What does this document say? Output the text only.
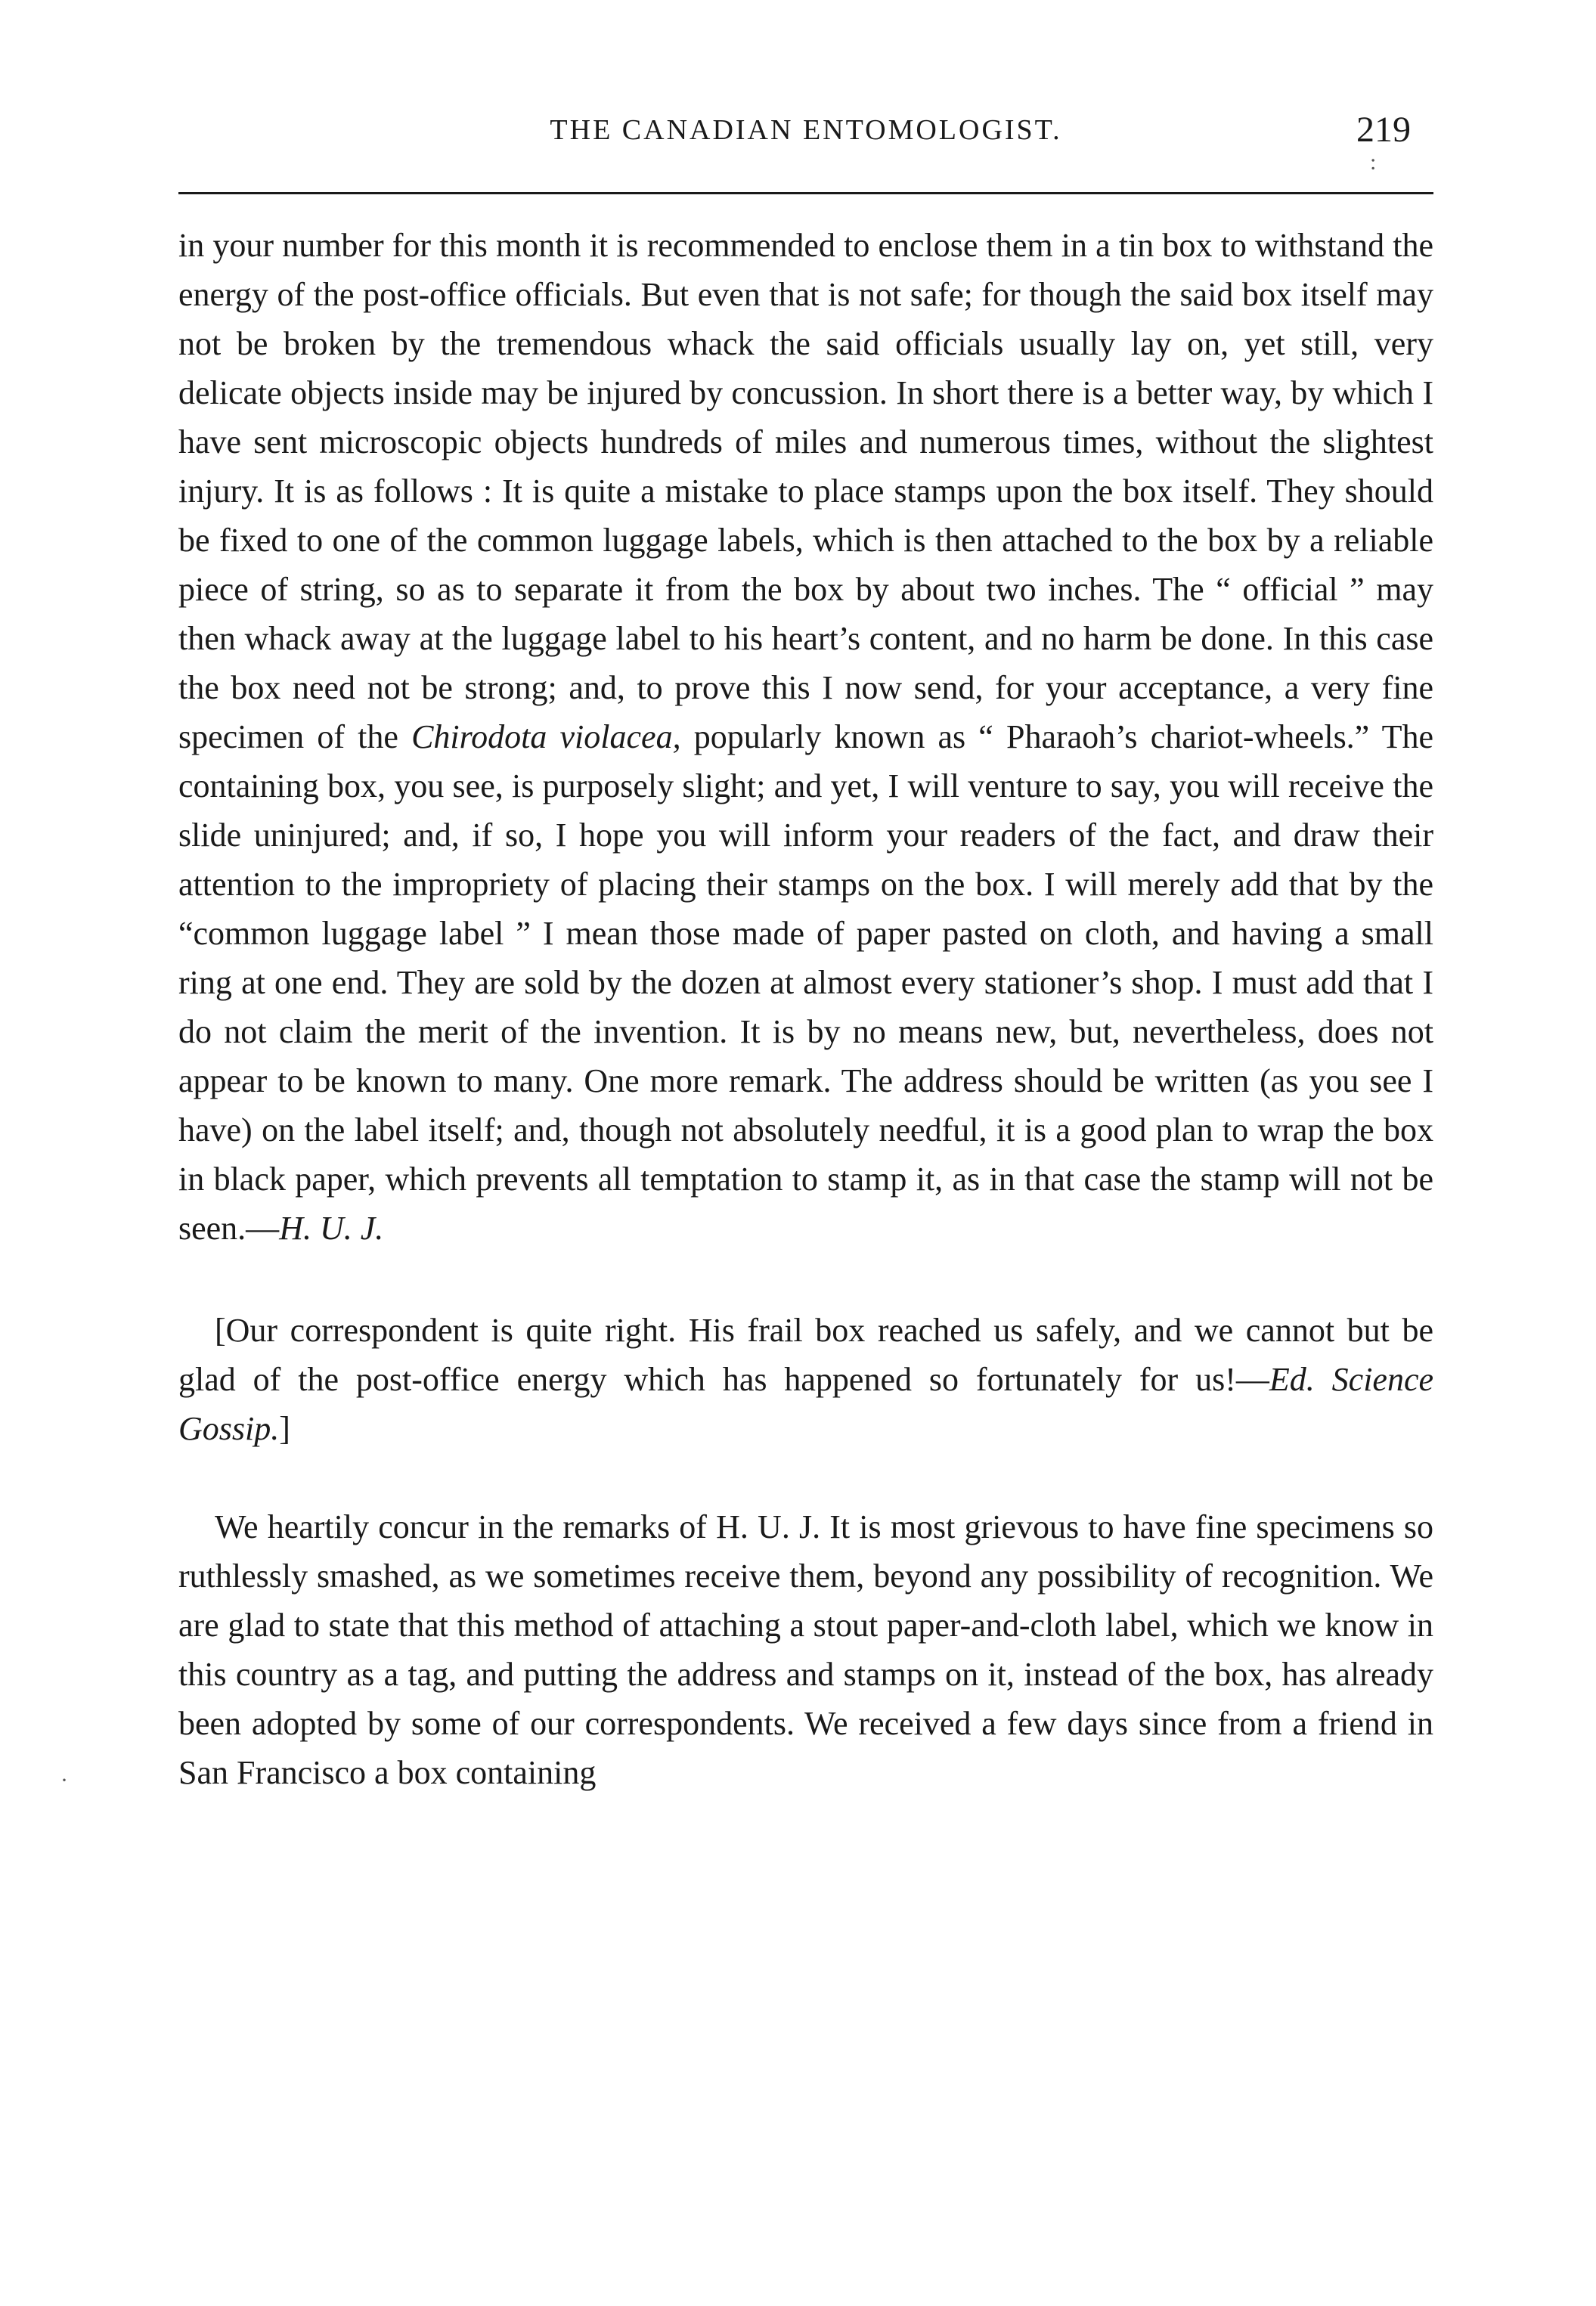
THE CANADIAN ENTOMOLOGIST.	219

in your number for this month it is recommended to enclose them in a tin box to withstand the energy of the post-office officials. But even that is not safe; for though the said box itself may not be broken by the tremendous whack the said officials usually lay on, yet still, very delicate objects inside may be injured by concussion. In short there is a better way, by which I have sent microscopic objects hundreds of miles and numerous times, without the slightest injury. It is as follows : It is quite a mistake to place stamps upon the box itself. They should be fixed to one of the common luggage labels, which is then attached to the box by a reliable piece of string, so as to separate it from the box by about two inches. The “ official ” may then whack away at the luggage label to his heart’s content, and no harm be done. In this case the box need not be strong; and, to prove this I now send, for your acceptance, a very fine specimen of the Chirodota violacea, popularly known as “ Pharaoh’s chariot-wheels.” The containing box, you see, is purposely slight; and yet, I will venture to say, you will receive the slide uninjured; and, if so, I hope you will inform your readers of the fact, and draw their attention to the impropriety of placing their stamps on the box. I will merely add that by the “common luggage label ” I mean those made of paper pasted on cloth, and having a small ring at one end. They are sold by the dozen at almost every stationer’s shop. I must add that I do not claim the merit of the invention. It is by no means new, but, nevertheless, does not appear to be known to many. One more remark. The address should be written (as you see I have) on the label itself; and, though not absolutely needful, it is a good plan to wrap the box in black paper, which prevents all temptation to stamp it, as in that case the stamp will not be seen.—H. U. J.

[Our correspondent is quite right. His frail box reached us safely, and we cannot but be glad of the post-office energy which has happened so fortunately for us!—Ed. Science Gossip.]

We heartily concur in the remarks of H. U. J. It is most grievous to have fine specimens so ruthlessly smashed, as we sometimes receive them, beyond any possibility of recognition. We are glad to state that this method of attaching a stout paper-and-cloth label, which we know in this country as a tag, and putting the address and stamps on it, instead of the box, has already been adopted by some of our correspondents. We received a few days since from a friend in San Francisco a box containing

·
:
